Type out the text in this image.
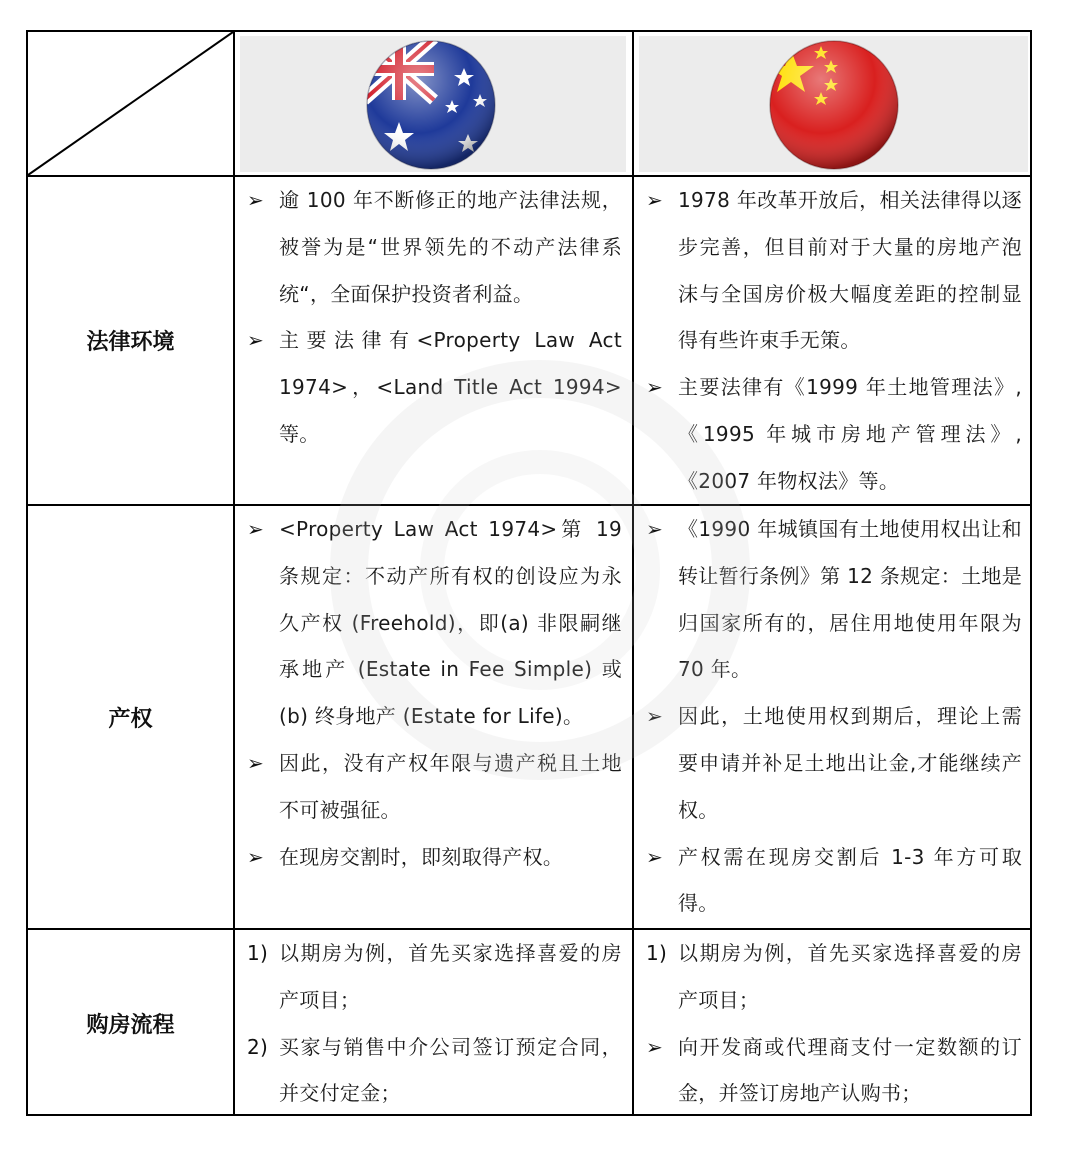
法律环境
➢ 逾 100 年不断修正的地产法律法规，被誉为是“世界领先的不动产法律系统“，全面保护投资者利益。
➢ 主要法律有<Property Law Act 1974>，<Land Title Act 1994>等。
➢ 1978 年改革开放后，相关法律得以逐步完善，但目前对于大量的房地产泡沫与全国房价极大幅度差距的控制显得有些许束手无策。
➢ 主要法律有《1999 年土地管理法》,《1995 年城市房地产管理法》,《2007 年物权法》等。
产权
➢ <Property Law Act 1974>第 19 条规定：不动产所有权的创设应为永久产权 (Freehold)，即(a) 非限嗣继承地产 (Estate in Fee Simple) 或(b) 终身地产 (Estate for Life)。
➢ 因此，没有产权年限与遗产税且土地不可被强征。
➢ 在现房交割时，即刻取得产权。
➢ 《1990 年城镇国有土地使用权出让和转让暂行条例》第 12 条规定：土地是归国家所有的，居住用地使用年限为 70 年。
➢ 因此，土地使用权到期后，理论上需要申请并补足土地出让金,才能继续产权。
➢ 产权需在现房交割后 1-3 年方可取得。
购房流程
1) 以期房为例，首先买家选择喜爱的房产项目；
2) 买家与销售中介公司签订预定合同，并交付定金；
1) 以期房为例，首先买家选择喜爱的房产项目；
➢ 向开发商或代理商支付一定数额的订金，并签订房地产认购书；
